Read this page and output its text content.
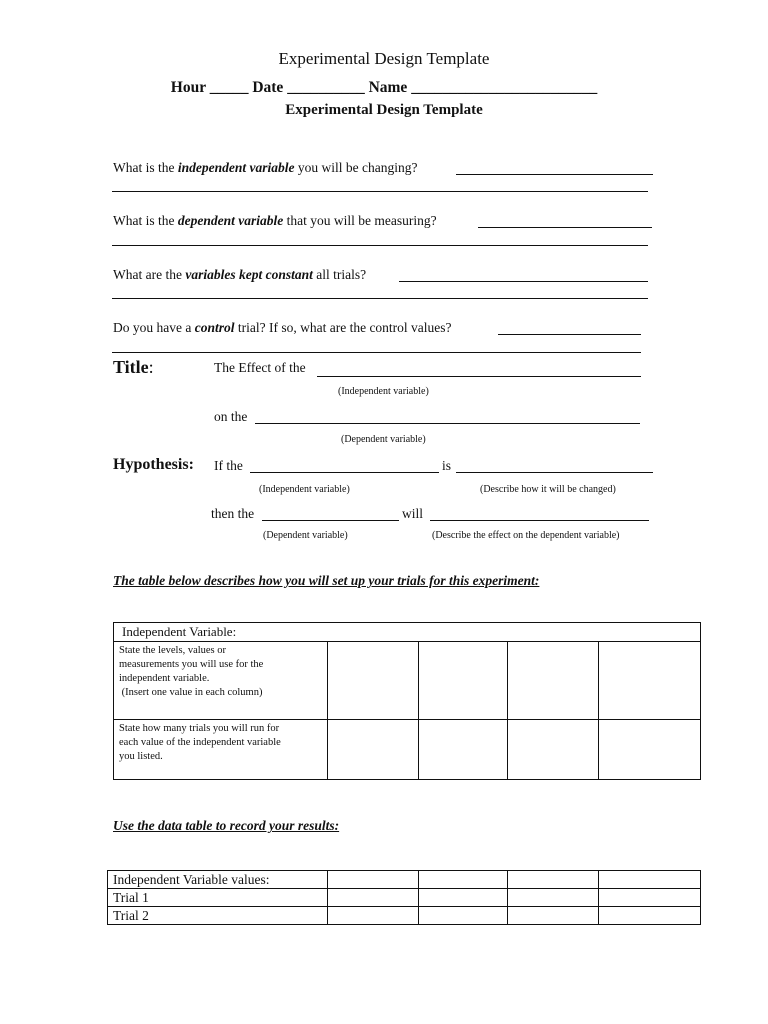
Experimental Design Template
Hour _____ Date __________ Name ________________________
Experimental Design Template
What is the independent variable you will be changing?
What is the dependent variable that you will be measuring?
What are the variables kept constant all trials?
Do you have a control trial? If so, what are the control values?
Title:	The Effect of the
(Independent variable)
on the
(Dependent variable)
Hypothesis: If the	is
(Independent variable)	(Describe how it will be changed)
then the	will
(Dependent variable)	(Describe the effect on the dependent variable)
The table below describes how you will set up your trials for this experiment:
Independent Variable:				

State the levels, values or
measurements you will use for the
independent variable.
(Insert one value in each column)				

State how many trials you will run for
each value of the independent variable
you listed.				

Use the data table to record your results:
Independent Variable values:				
Trial 1				
Trial 2				
